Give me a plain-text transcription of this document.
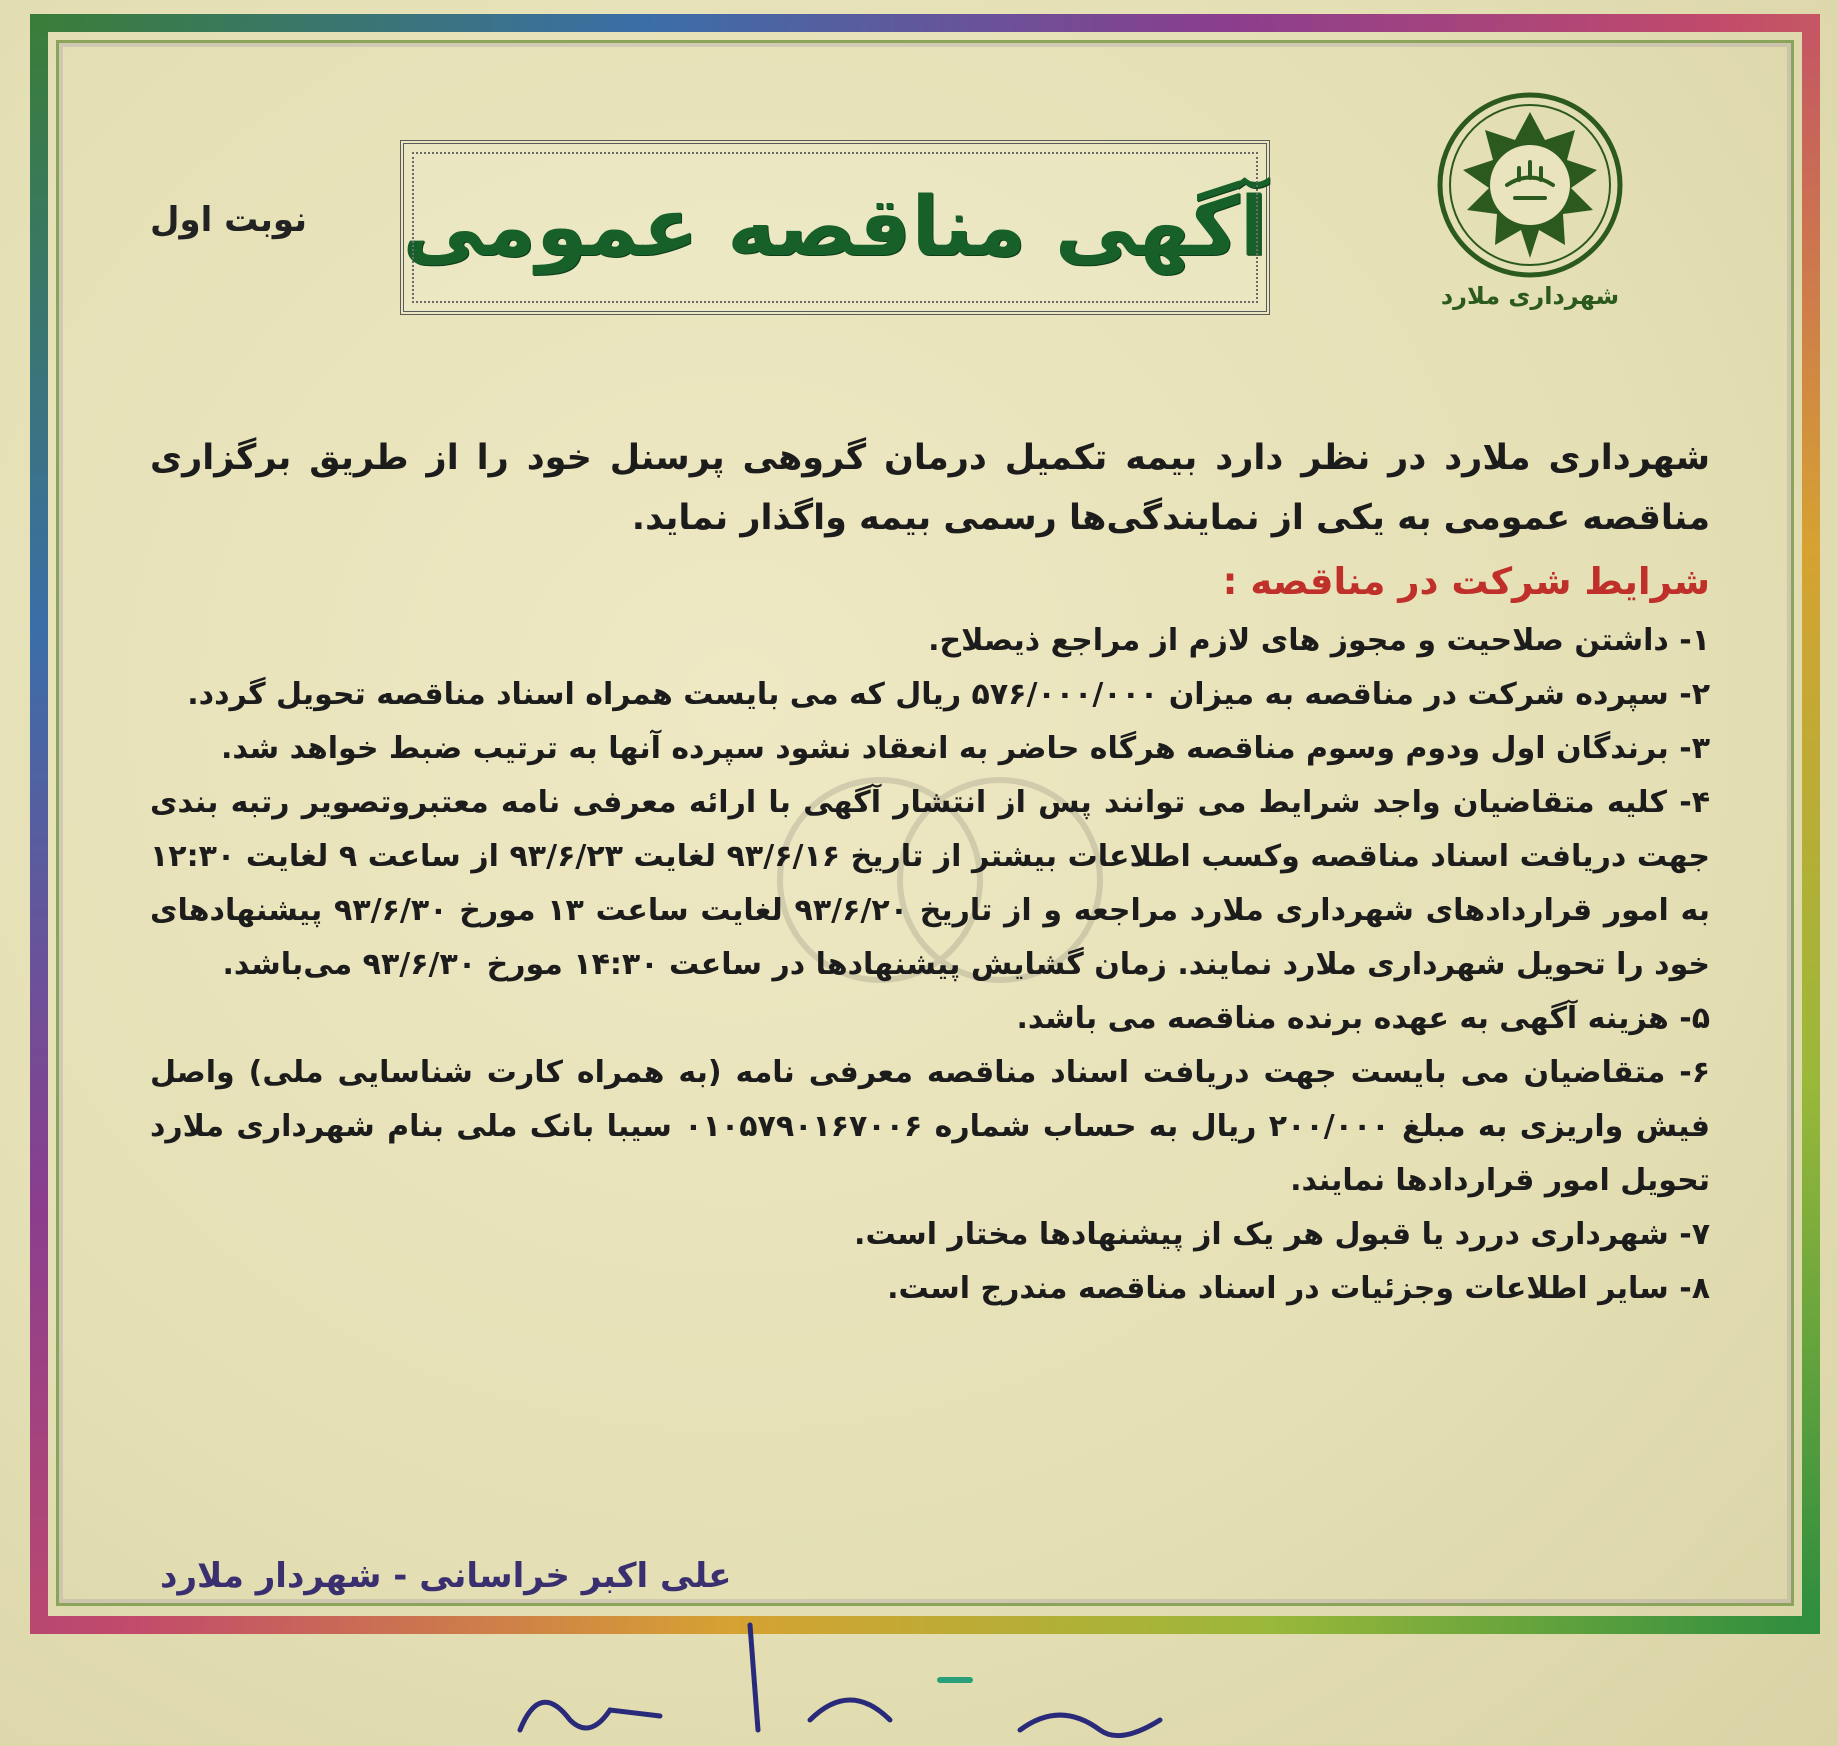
شهرداری ملارد
آگهی مناقصه عمومی
نوبت اول

شهرداری ملارد در نظر دارد بیمه تکمیل درمان گروهی پرسنل خود را از طریق برگزاری مناقصه عمومی به یکی از نمایندگی‌ها رسمی بیمه واگذار نماید.

شرایط شرکت در مناقصه :

۱- داشتن صلاحیت و مجوز های لازم از مراجع ذیصلاح.

۲- سپرده شرکت در مناقصه به میزان ۵۷۶/۰۰۰/۰۰۰ ریال که می بایست همراه اسناد مناقصه تحویل گردد.

۳- برندگان اول ودوم وسوم مناقصه هرگاه حاضر به انعقاد نشود سپرده آنها به ترتیب ضبط خواهد شد.

۴- کلیه متقاضیان واجد شرایط می توانند پس از انتشار آگهی با ارائه معرفی نامه معتبروتصویر رتبه بندی جهت دریافت اسناد مناقصه وکسب اطلاعات بیشتر از تاریخ ۹۳/۶/۱۶ لغایت ۹۳/۶/۲۳ از ساعت ۹ لغایت ۱۲:۳۰ به امور قراردادهای شهرداری ملارد مراجعه و از تاریخ ۹۳/۶/۲۰ لغایت ساعت ۱۳ مورخ ۹۳/۶/۳۰ پیشنهادهای خود را تحویل شهرداری ملارد نمایند. زمان گشایش پیشنهادها در ساعت ۱۴:۳۰ مورخ ۹۳/۶/۳۰ می‌باشد.

۵- هزینه آگهی به عهده برنده مناقصه می باشد.

۶- متقاضیان می بایست جهت دریافت اسناد مناقصه معرفی نامه (به همراه کارت شناسایی ملی) واصل فیش واریزی به مبلغ ۲۰۰/۰۰۰ ریال به حساب شماره ۰۱۰۵۷۹۰۱۶۷۰۰۶ سیبا بانک ملی بنام شهرداری ملارد تحویل امور قراردادها نمایند.

۷- شهرداری دررد یا قبول هر یک از پیشنهادها مختار است.

۸- سایر اطلاعات وجزئیات در اسناد مناقصه مندرج است.

علی اکبر خراسانی - شهردار ملارد
